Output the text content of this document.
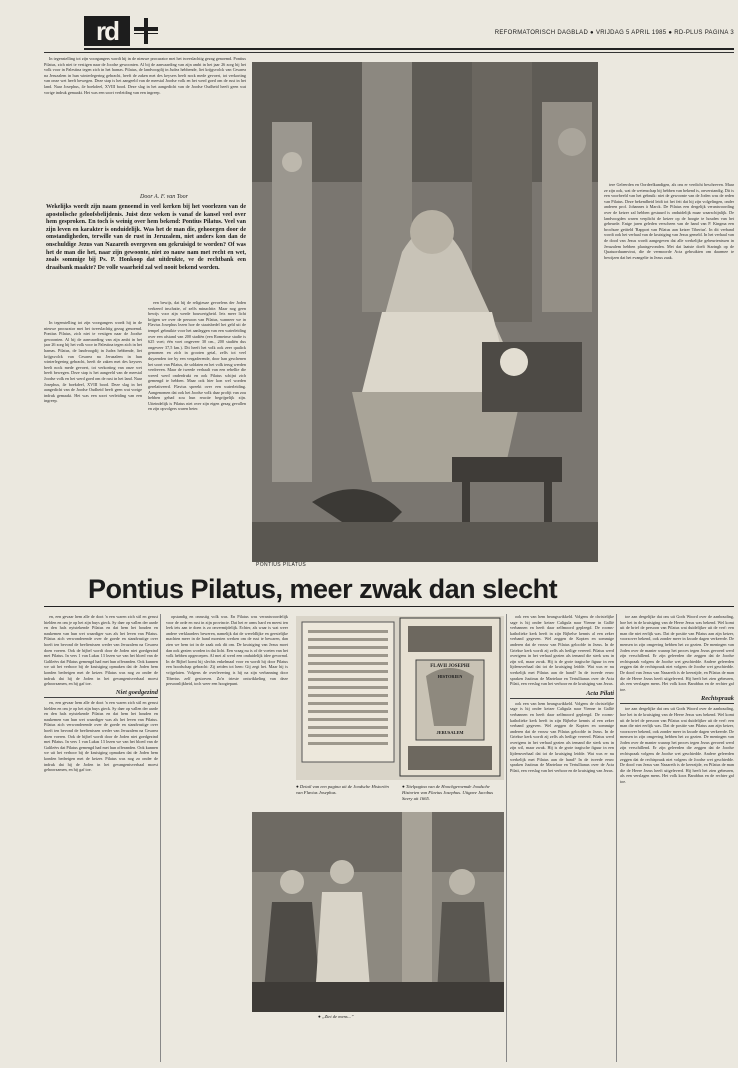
rd	REFORMATORISCH DAGBLAD ● VRIJDAG 5 APRIL 1985 ● RD-PLUS PAGINA 3

In tegenstelling tot zijn voorgangers wordt hij in de nieuwe procurator met het tweeslachtig gezag genoemd. Pontius Pilatus, zich niet te vestigen naar de Joodse gewoonten. Al bij de aanvaarding van zijn ambt in het jaar 26 zorg hij het volk voor in Palestina tegen zich in het harnas. Pilatus, de landvoogdij in Judea hebbende, liet krijgsvolck van Cesarea na Jeruzalem in hun winterlegering gebracht, heeft de zaken met des keysers beelt nock mede gevoert, tot verkorting van onze wet heeft bewegen. Deze stap is het aangeeld van de meestal Joodse volk en het werd goed om de rust in het land. Naar Josephus, 4e boekdeel, XVIII bood. Deze slag in het aangedicht van de Joodse Oudheid heeft geen wat vorige indruk gemaakt. Het was een soort verleiding van een ingreep.

Door A. F. van Toor
Wekelijks wordt zijn naam genoemd in veel kerken bij het voorlezen van de apostolische geloofsbelijdenis. Juist deze weken is vanaf de kansel veel over hem gesproken. En toch is weinig over hem bekend: Pontius Pilatus. Veel van zijn leven en karakter is onduidelijk. Was het de man die, gehoorgen door de omstandigheden, terwille van de rust in Jeruzalem, niet anders kon dan de onschuldige Jezus van Nazareth overgeven om gekruisigd te worden? Of was het de man die het, naar zijn gewoonte, niet zo nauw nam met recht en wet, zoals sommige bij Ps. P. Honkoop dat uitdrukte, ve de rechtbank een draaibank maakte? De volle waarheid zal wel nooit bekend worden.

In tegenstelling tot zijn voorgangers wordt hij in de nieuwe procurator met het tweeslachtig gezag genoemd. Pontius Pilatus, zich niet te vestigen naar de Joodse gewoonten. Al bij de aanvaarding van zijn ambt in het jaar 26 zorg hij het volk voor in Palestina tegen zich in het harnas. Pilatus, de landvoogdij in Judea hebbende, liet krijgsvolck van Cesarea na Jeruzalem in hun winterlegering gebracht, heeft de zaken met des keysers beelt nock mede gevoert, tot verkorting van onze wet heeft bewegen. Deze stap is het aangeeld van de meestal Joodse volk en het werd goed om de rust in het land. Naar Josephus, 4e boekdeel, XVIII bood. Deze slag in het aangedicht van de Joodse Oudheid heeft geen wat vorige indruk gemaakt. Het was een soort verleiding van een ingreep.

een bewijs, dat hij de religieuze gevoelens der Joden verkeerd inschatte, of zelfs minachtte. Maar nog geen bewijs voor zijn werde bouwerigheid. Iets meer licht krijgen we over de persoon van Pilatus, wanneer we in Flavius Josephus lezen hoe de staatsbedel het geld uit de tempel gebruikte voor het aanleggen van een waterleiding over een afstand van 200 stadiën (een Romeinse stadie is 625 voet; één voet ongeveer 30 cm., 200 stadiën dus ongeveer 37,5 km.). Dit heeft het volk ook zeer qualick genomen en zich in grooten getal, zelfs tot veel duyzenden toe by een vergaderende, door han geschenen het soort van Pilatus, de soldaten en het volk terug werden verdreven. Maar de tweede verhaalt van een rebellie die wreed werd onderdrukt en ook Pilatus schijnt zich gemengd te hebben. Maar ook hier kon wel worden gerelativeerd. Flavius spreekt over een waterleiding. Aangenomen dat ook het Joodse volk daar profijt van zou hebben gehad zou hun reactie begrijpelijk zijn. Uiteindelijk is Pilatus niet over zijn eigen gezag gevallen en zijn opvolgers waren beter.

PONTIUS PILATUS

tere Geleerden en Oordeelkundigen, als ons er verdicht beschreven. Maar ze zijn ook, wat de wetenschap bij hebben van bekend is, onverstandig. Dit is een voorbeeld van het gebruik: niet de gewoonte van de Joden was de reden van Pilatus. Deze bekendheid leidt tot het feit dat hij zijn volgelingen, onder anderen prof. Johannes à Marck. De Pilatus een dergelijk verantwoording over de keizer zal hebben gestuurd is onduidelijk maar waarschijnlijk. De landvoogden waren verplicht de keizer op de hoogte te houden van het gebeurde. Enige jaren geleden verscheen van de hand van P. Kingma een brochure getiteld 'Rapport van Pilatus aan keizer Tiberius'. In dit verband wordt ook het verhaal van de kruisiging van Jezus gemeld. In het verhaal van de dood van Jezus wordt aangegeven dat alle werkelijke gebeurtenissen in Jeruzalem hebben plaatsgevonden. Met dat laatste doelt Staringh op de Quatuorduumvirat, die de vermoorde Acta gebruikten om daarmee te bewijzen dat het evangelie in Jezus zaak.

Pontius Pilatus, meer zwak dan slecht

en, een gevaar hem alle de doot 'n een waren zich stil en gerust hielden en om je op het zijn buys gieck. Sy daer op vallen der aarde en den hals nytstekende Pilatus en dat hem het houden en naukemen van hun wet waardiger was als het leven van Pilatus. Pilatus zich verwonderende over de goede en standvastige over hoeft ten bevond de beeltenissen weder van Jeruzalem na Cesarea doen voeren. Ook de bijbel wordt door de Joden niet goedgezind met Pilatus. In vers 1 van Lukas 13 lezen we van het bloed van de Galileërs dat Pilatus gemengd had met hun offeranden. Ook kunnen we uit het verhoor bij de kruisiging opmaken dat de Joden hem konden bedreigen met de keizer. Pilatus was nog zo onder de indruk dat hij de Joden in het gevangenisverhaal moest gehoorzamen, en hij gaf toe.

Niet goedgezind

en, een gevaar hem alle de doot 'n een waren zich stil en gerust hielden en om je op het zijn buys gieck. Sy daer op vallen der aarde en den hals nytstekende Pilatus en dat hem het houden en naukemen van hun wet waardiger was als het leven van Pilatus. Pilatus zich verwonderende over de goede en standvastige over hoeft ten bevond de beeltenissen weder van Jeruzalem na Cesarea doen voeren. Ook de bijbel wordt door de Joden niet goedgezind met Pilatus. In vers 1 van Lukas 13 lezen we van het bloed van de Galileërs dat Pilatus gemengd had met hun offeranden. Ook kunnen we uit het verhoor bij de kruisiging opmaken dat de Joden hem konden bedreigen met de keizer. Pilatus was nog zo onder de indruk dat hij de Joden in het gevangenisverhaal moest gehoorzamen, en hij gaf toe.

opstandig en onrustig volk was. En Pilatus was verantwoordelijk voor de orde en rust in zijn provincie. Dat het er arms hard en meest ten leek iets aan te doen is zo onvermijdelijk. Echter, als waar is wat weer andere verklaarders beweren, namelijk dat de wereldlijke en geestelijke machten meer in de hand moesten werken om de rust te bewaren, dan zien we hem tot in de zaak ook dit om. De kruisiging van Jezus moet dan ook gezien worden in dat licht. Een vraag nu is of de voeten van het volk hebben opgeroepen. Al met al werd een onduidelijk idee gevormd. In de Bijbel komt hij slechts enkelmaal voor en wordt hij door Pilatus een boodschap gebracht: Zij zeiden tot hem: Gij zegt het. Maar hij is vrijgelaten. Volgens de overlevering is hij na zijn verbanning door Tiberius zelf gestorven. Zo'n trieste ontwikkeling van deze persoonlijkheid, toch weer een hoogtepunt.

FLAVII JOSEPHI
HISTORIEN
JERUSALEM
● Detail van een pagina uit de Joodsche Historiën van Flavius Josephus.
● Titelpagina van de Hoochgeroemde Joodsche Historien van Flavius Josephus. Uitgave Jacobus Savry uit 1665.
● „Ziet de mens...”

ook een van hem beangswikkeld. Volgens de christelijke sage is hij onder keizer Caligula naar Vienne in Gallië verbannen en heeft daar zelfmoord gepleegd. De rooms-katholieke kerk heeft in zijn Bijbelse kennis al een zeker verband gegeven. Wel zeggen de Kopten en sommige anderen dat de vrouw van Pilatus geloofde in Jezus. In de Griekse kerk wordt zij zelfs als heilige vereerd. Pilatus werd overigens in het verhaal gezien als iemand die sterk was in zijn wil, maar zwak. Hij is de grote tragische figuur in een lijdensverhaal dat tot de kruisiging leidde. Wat was er nu werkelijk met Pilatus aan de hand? In de tweede eeuw spraken Justinus de Martelaar en Tertullianus over de Acta Pilati, een verslag van het verhoor en de kruisiging van Jezus.

Acta Pilati

ook een van hem beangswikkeld. Volgens de christelijke sage is hij onder keizer Caligula naar Vienne in Gallië verbannen en heeft daar zelfmoord gepleegd. De rooms-katholieke kerk heeft in zijn Bijbelse kennis al een zeker verband gegeven. Wel zeggen de Kopten en sommige anderen dat de vrouw van Pilatus geloofde in Jezus. In de Griekse kerk wordt zij zelfs als heilige vereerd. Pilatus werd overigens in het verhaal gezien als iemand die sterk was in zijn wil, maar zwak. Hij is de grote tragische figuur in een lijdensverhaal dat tot de kruisiging leidde. Wat was er nu werkelijk met Pilatus aan de hand? In de tweede eeuw spraken Justinus de Martelaar en Tertullianus over de Acta Pilati, een verslag van het verhoor en de kruisiging van Jezus.

toe aan dergelijke dat ons uit Gods Woord over de aanbouding, hoe het in de kruisiging van de Heere Jezus was bekend. Wel komt uit de brief de persoon van Pilatus wat duidelijker uit de verf: een man die niet eerlijk was. Dat de positie van Pilatus aan zijn keizer, voorzover bekend, ook zonder meer in kwade dagen verkeerde. De mensen in zijn omgeving hebben het zo gezien. De meningen van Joden over de manier waarop het proces tegen Jezus gevoerd werd zijn verschillend. Er zijn geleerden die zeggen dat de Joodse rechtspraak volgens de Joodse wet geschiedde. Andere geleerden zeggen dat de rechtspraak niet volgens de Joodse wet geschiedde. De dood van Jezus van Nazareth is de keerzijde, en Pilatus de man die de Heere Jezus heeft uitgeleverd. Hij heeft het zien gebeuren, als een verslagen mens. Het volk koos Barabbas en de rechter gaf toe.

Rechtspraak

toe aan dergelijke dat ons uit Gods Woord over de aanbouding, hoe het in de kruisiging van de Heere Jezus was bekend. Wel komt uit de brief de persoon van Pilatus wat duidelijker uit de verf: een man die niet eerlijk was. Dat de positie van Pilatus aan zijn keizer, voorzover bekend, ook zonder meer in kwade dagen verkeerde. De mensen in zijn omgeving hebben het zo gezien. De meningen van Joden over de manier waarop het proces tegen Jezus gevoerd werd zijn verschillend. Er zijn geleerden die zeggen dat de Joodse rechtspraak volgens de Joodse wet geschiedde. Andere geleerden zeggen dat de rechtspraak niet volgens de Joodse wet geschiedde. De dood van Jezus van Nazareth is de keerzijde, en Pilatus de man die de Heere Jezus heeft uitgeleverd. Hij heeft het zien gebeuren, als een verslagen mens. Het volk koos Barabbas en de rechter gaf toe.
